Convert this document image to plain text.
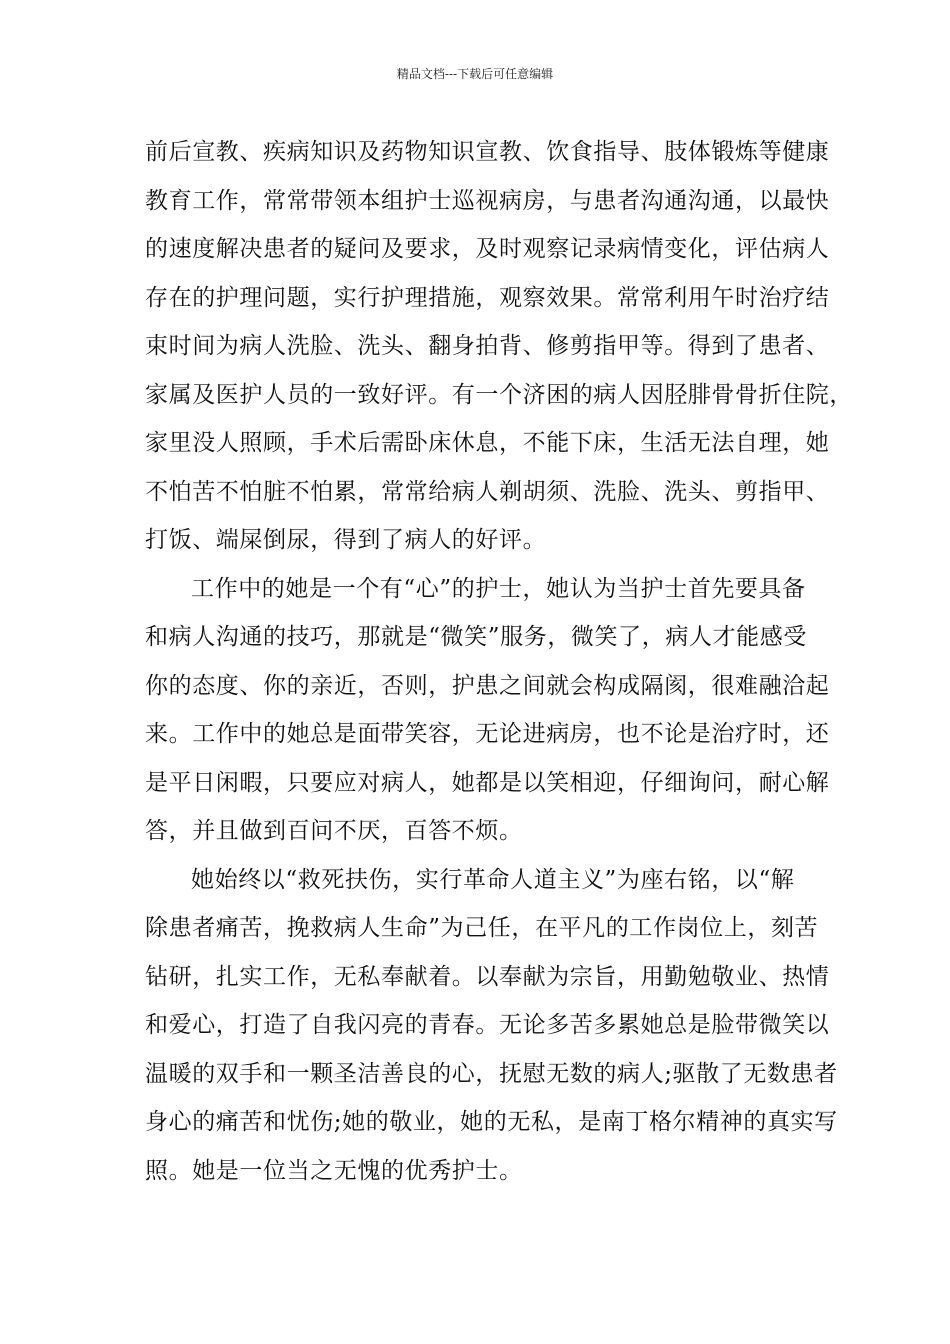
精品文档---下载后可任意编辑
前后宣教、疾病知识及药物知识宣教、饮食指导、肢体锻炼等健康
教育工作，常常带领本组护士巡视病房，与患者沟通沟通，以最快
的速度解决患者的疑问及要求，及时观察记录病情变化，评估病人
存在的护理问题，实行护理措施，观察效果。常常利用午时治疗结
束时间为病人洗脸、洗头、翻身拍背、修剪指甲等。得到了患者、
家属及医护人员的一致好评。有一个济困的病人因胫腓骨骨折住院，
家里没人照顾，手术后需卧床休息，不能下床，生活无法自理，她
不怕苦不怕脏不怕累，常常给病人剃胡须、洗脸、洗头、剪指甲、
打饭、端屎倒尿，得到了病人的好评。
工作中的她是一个有“心”的护士，她认为当护士首先要具备
和病人沟通的技巧，那就是“微笑”服务，微笑了，病人才能感受
你的态度、你的亲近，否则，护患之间就会构成隔阂，很难融洽起
来。工作中的她总是面带笑容，无论进病房，也不论是治疗时，还
是平日闲暇，只要应对病人，她都是以笑相迎，仔细询问，耐心解
答，并且做到百问不厌，百答不烦。
她始终以“救死扶伤，实行革命人道主义”为座右铭，以“解
除患者痛苦，挽救病人生命”为己任，在平凡的工作岗位上，刻苦
钻研，扎实工作，无私奉献着。以奉献为宗旨，用勤勉敬业、热情
和爱心，打造了自我闪亮的青春。无论多苦多累她总是脸带微笑以
温暖的双手和一颗圣洁善良的心，抚慰无数的病人;驱散了无数患者
身心的痛苦和忧伤;她的敬业，她的无私，是南丁格尔精神的真实写
照。她是一位当之无愧的优秀护士。
